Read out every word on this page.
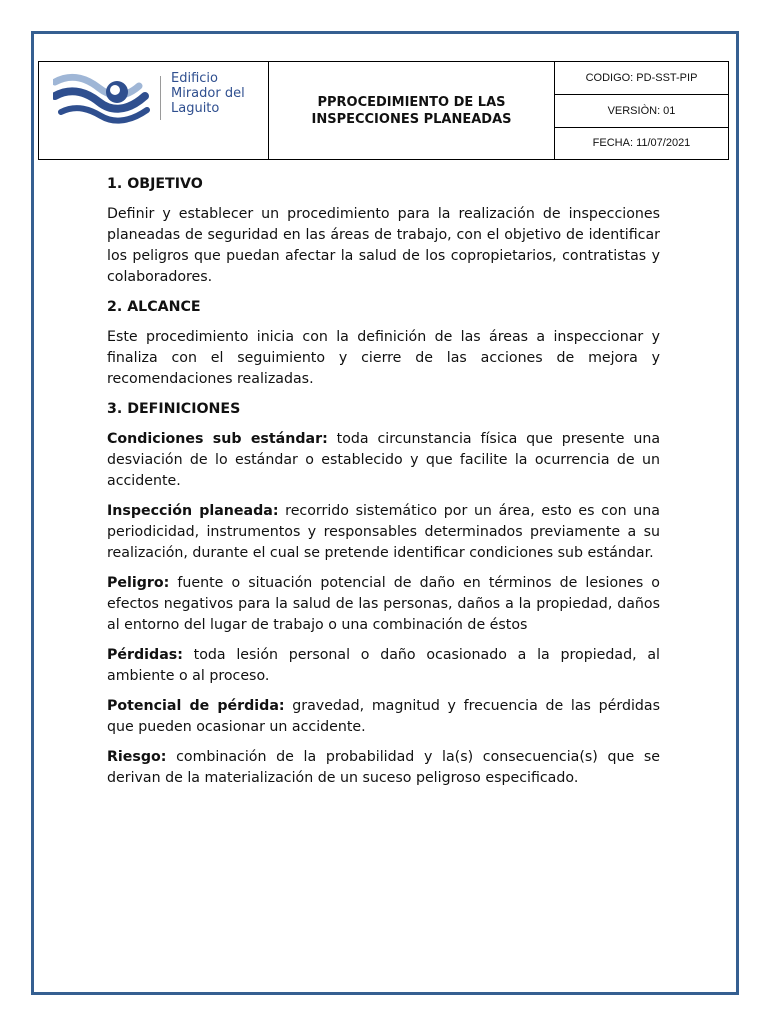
Edificio
Mirador del Laguito	PPROCEDIMIENTO DE LAS INSPECCIONES PLANEADAS
CODIGO: PD-SST-PIP
VERSIÒN: 01
FECHA: 11/07/2021
1. OBJETIVO
Definir y establecer un procedimiento para la realización de inspecciones planeadas de seguridad en las áreas de trabajo, con el objetivo de identificar los peligros que puedan afectar la salud de los copropietarios, contratistas y colaboradores.
2. ALCANCE
Este procedimiento inicia con la definición de las áreas a inspeccionar y finaliza con el seguimiento y cierre de las acciones de mejora y recomendaciones realizadas.
3. DEFINICIONES
Condiciones sub estándar: toda circunstancia física que presente una desviación de lo estándar o establecido y que facilite la ocurrencia de un accidente.
Inspección planeada: recorrido sistemático por un área, esto es con una periodicidad, instrumentos y responsables determinados previamente a su realización, durante el cual se pretende identificar condiciones sub estándar.
Peligro: fuente o situación potencial de daño en términos de lesiones o efectos negativos para la salud de las personas, daños a la propiedad, daños al entorno del lugar de trabajo o una combinación de éstos
Pérdidas: toda lesión personal o daño ocasionado a la propiedad, al ambiente o al proceso.
Potencial de pérdida: gravedad, magnitud y frecuencia de las pérdidas que pueden ocasionar un accidente.
Riesgo: combinación de la probabilidad y la(s) consecuencia(s) que se derivan de la materialización de un suceso peligroso especificado.
